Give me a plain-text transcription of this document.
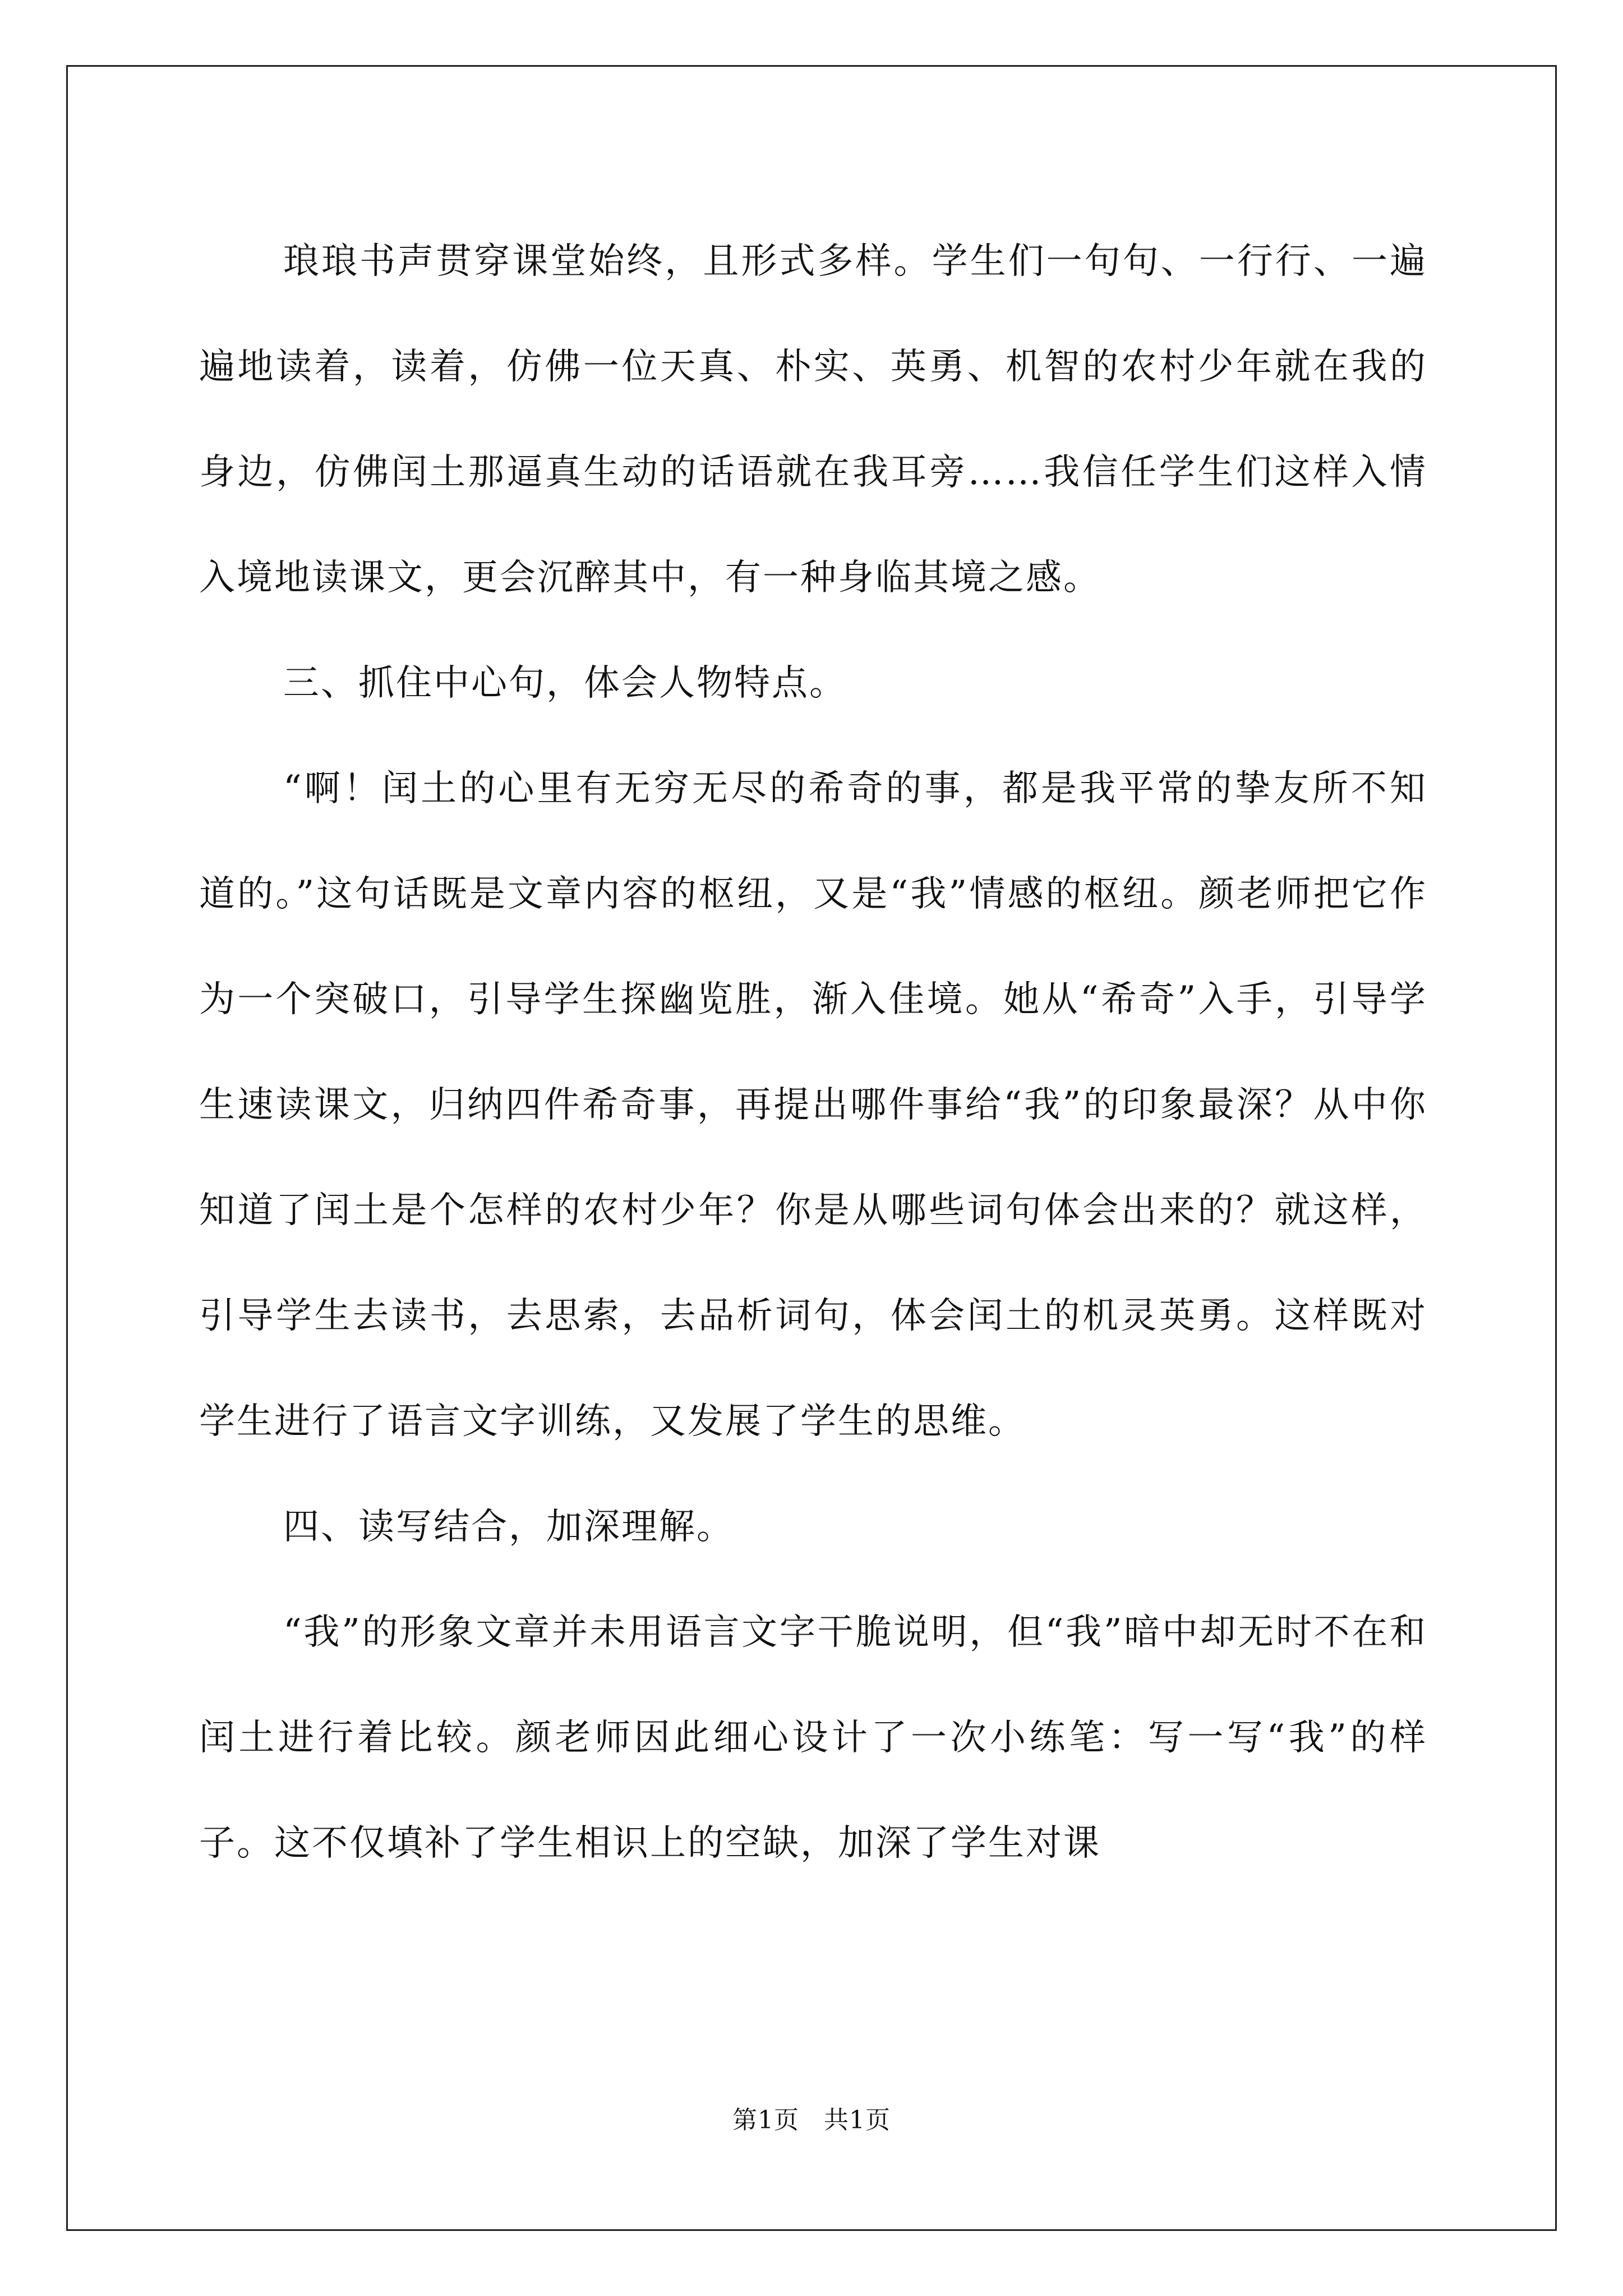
琅琅书声贯穿课堂始终，且形式多样。学生们一句句、一行行、一遍遍地读着，读着，仿佛一位天真、朴实、英勇、机智的农村少年就在我的身边，仿佛闰土那逼真生动的话语就在我耳旁……我信任学生们这样入情入境地读课文，更会沉醉其中，有一种身临其境之感。

三、抓住中心句，体会人物特点。

“啊！闰土的心里有无穷无尽的希奇的事，都是我平常的挚友所不知道的。”这句话既是文章内容的枢纽，又是“我”情感的枢纽。颜老师把它作为一个突破口，引导学生探幽览胜，渐入佳境。她从“希奇”入手，引导学生速读课文，归纳四件希奇事，再提出哪件事给“我”的印象最深？从中你知道了闰土是个怎样的农村少年？你是从哪些词句体会出来的？就这样，引导学生去读书，去思索，去品析词句，体会闰土的机灵英勇。这样既对学生进行了语言文字训练，又发展了学生的思维。

四、读写结合，加深理解。

“我”的形象文章并未用语言文字干脆说明，但“我”暗中却无时不在和闰土进行着比较。颜老师因此细心设计了一次小练笔：写一写“我”的样子。这不仅填补了学生相识上的空缺，加深了学生对课

第1页 共1页
